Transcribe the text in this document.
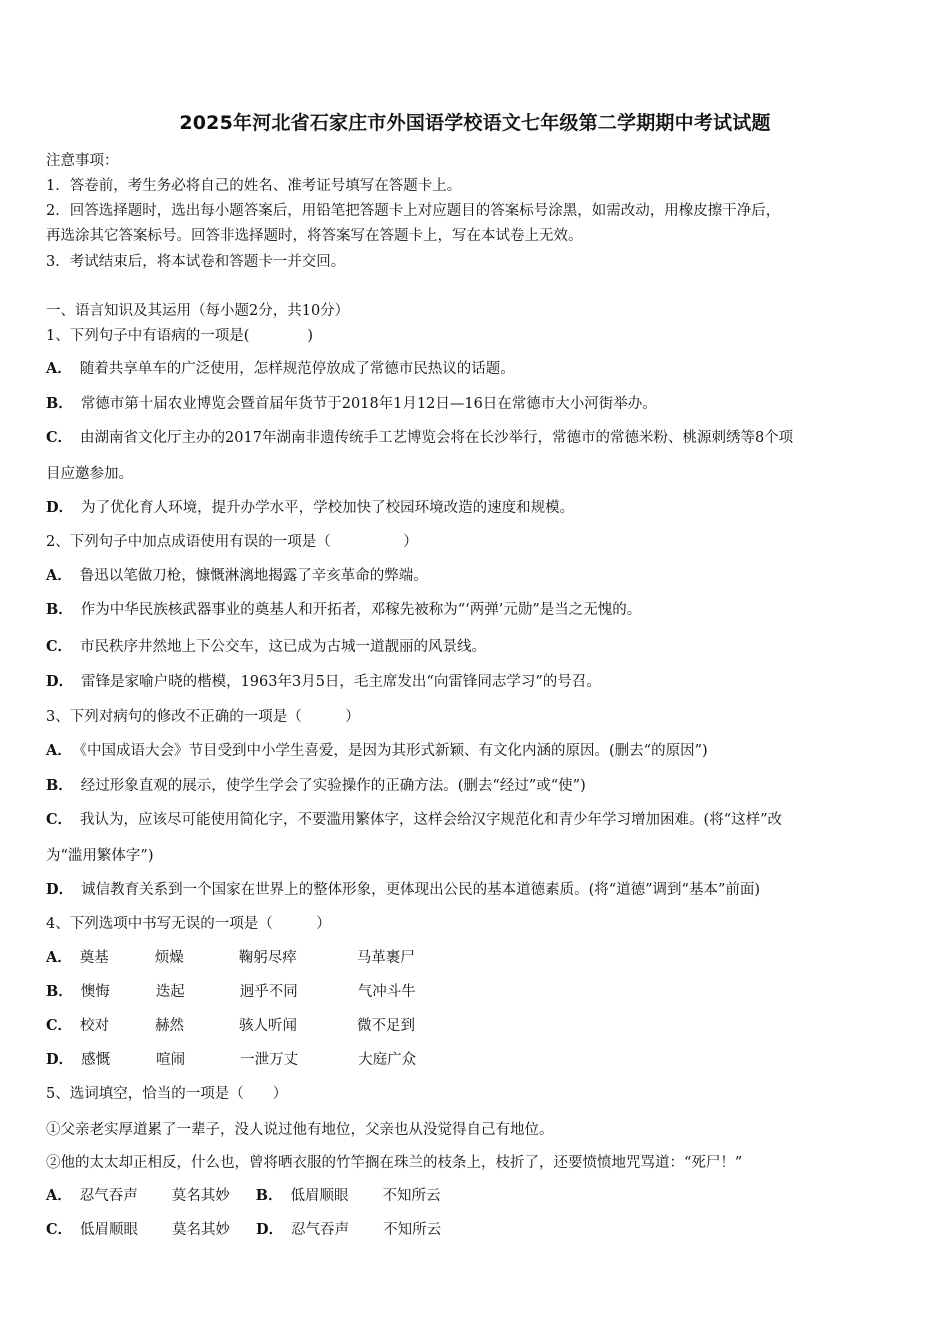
2025年河北省石家庄市外国语学校语文七年级第二学期期中考试试题
注意事项：
1．答卷前，考生务必将自己的姓名、准考证号填写在答题卡上。
2．回答选择题时，选出每小题答案后，用铅笔把答题卡上对应题目的答案标号涂黑，如需改动，用橡皮擦干净后，
再选涂其它答案标号。回答非选择题时，将答案写在答题卡上，写在本试卷上无效。
3．考试结束后，将本试卷和答题卡一并交回。
一、语言知识及其运用（每小题2分，共10分）
1、下列句子中有语病的一项是(　　　　)
A． 随着共享单车的广泛使用，怎样规范停放成了常德市民热议的话题。
B． 常德市第十届农业博览会暨首届年货节于2018年1月12日—16日在常德市大小河街举办。
C． 由湖南省文化厅主办的2017年湖南非遗传统手工艺博览会将在长沙举行，常德市的常德米粉、桃源刺绣等8个项
目应邀参加。
D． 为了优化育人环境，提升办学水平，学校加快了校园环境改造的速度和规模。
2、下列句子中加点成语使用有误的一项是（　　　　　）
A． 鲁迅以笔做刀枪，慷慨淋漓地揭露了辛亥革命的弊端。
B． 作为中华民族核武器事业的奠基人和开拓者，邓稼先被称为“‘两弹’元勋”是当之无愧的。
C． 市民秩序井然地上下公交车，这已成为古城一道靓丽的风景线。
D． 雷锋是家喻户晓的楷模，1963年3月5日，毛主席发出“向雷锋同志学习”的号召。
3、下列对病句的修改不正确的一项是（　　　）
A． 《中国成语大会》节目受到中小学生喜爱，是因为其形式新颖、有文化内涵的原因。(删去“的原因”)
B． 经过形象直观的展示，使学生学会了实验操作的正确方法。(删去“经过”或“使”)
C． 我认为，应该尽可能使用简化字，不要滥用繁体字，这样会给汉字规范化和青少年学习增加困难。(将“这样”改
为“滥用繁体字”)
D． 诚信教育关系到一个国家在世界上的整体形象，更体现出公民的基本道德素质。(将“道德”调到“基本”前面)
4、下列选项中书写无误的一项是（　　　）
A． 奠基	烦燥	鞠躬尽瘁	马革裹尸
B． 懊悔	迭起	迥乎不同	气冲斗牛
C． 校对	赫然	骇人听闻	微不足到
D． 感慨	喧闹	一泄万丈	大庭广众
5、选词填空，恰当的一项是（　　）
①父亲老实厚道累了一辈子，没人说过他有地位，父亲也从没觉得自己有地位。
②他的太太却正相反，什么也，曾将晒衣服的竹竿搁在珠兰的枝条上，枝折了，还要愤愤地咒骂道：“死尸！”
A． 忍气吞声 莫名其妙 B． 低眉顺眼 不知所云
C． 低眉顺眼 莫名其妙 D． 忍气吞声 不知所云
